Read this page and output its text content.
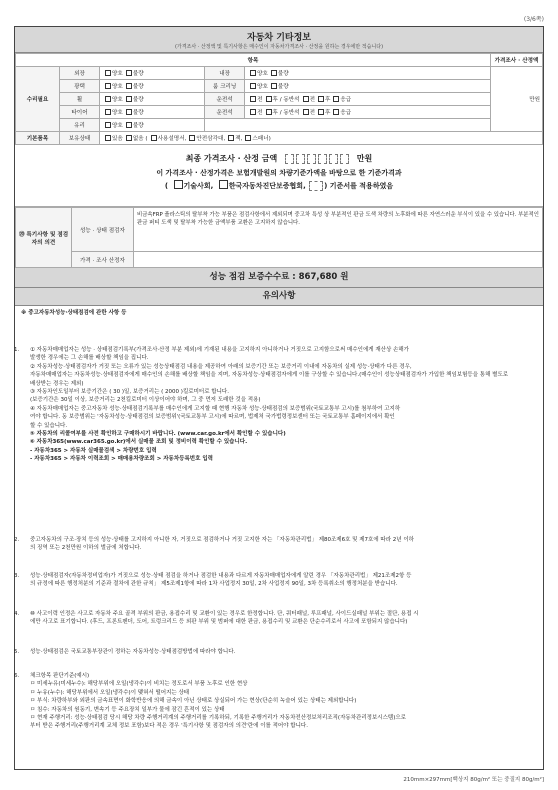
(3/6쪽)
자동차 기타정보
(가격조사 · 산정액 및 특기사항은 매수인이 자동차가격조사 · 산정을 원하는 경우에만 적습니다)
항목					가격조사 · 산정액
수리필요	외장	양호 불량	내장	양호 불량	만원
	광택	양호 불량	룸 크리닝	양호 불량	
	휠	양호 불량	운전석	전 후 / 동반석 전 후 응급	
	타이어	양호 불량	운전석	전 후 / 동반석 전 후 응급	
	유리	양호 불량			
기본품목	보유상태	있음 없음 ( 사용설명서, 안전삼각대, 잭, 스패너)			
최종 가격조사 · 산정 금액	만원
이 가격조사 · 산정가격은 보험개발원의 차량기준가액을 바탕으로 한 기준가격과
( 기술사회, 한국자동차진단보증협회,	) 기준서를 적용하였음
⑳ 특기사항 및 점검자의 의견	성능 · 상태 점검자	비금속FRP 플라스틱의 탈부착 가능 부품은 점검사항에서 제외되며 중고차 특성 상 부분적인 판금 도색 차량의 노후화에 따른 자연스러운 부식이 있을 수 있습니다. 부분적인 판금 퍼티 도색 및 탈부착 가능한 금액부품 교환은 고지하지 않습니다.
	가격 · 조사 산정자	
성능 점검 보증수수료 : 867,680 원
유의사항
※ 중고자동차성능·상태점검에 관한 사항 등
1. ① 자동차매매업자는 성능 · 상태점검기록부(가격조사·산정 부분 제외)에 기재된 내용을 고지하지 아니하거나 거짓으로 고지함으로써 매수인에게 재산상 손해가
발생한 경우에는 그 손해를 배상할 책임을 집니다.
② 자동차성능·상태점검자가 거짓 또는 오류가 있는 성능상태점검 내용을 제공하여 아래의 보증기간 또는 보증거리 이내에 자동차의 실제 성능·상태가 다른 경우,
자동차매매업자는 자동차성능·상태점검자에게 매수인의 손해를 배상할 책임을 지며, 자동차성능·상태점검자에게 이를 구상할 수 있습니다.(매수인이 성능상태점검자가 가입한 책임보험등을 통해 별도로 배상받는 경우는 제외)
③ 자동차인도일부터 보증기간은 ( 30 )일, 보증거리는 ( 2000 )킬로미터로 합니다.
(보증기간은 30일 이상, 보증거리는 2천킬로미터 이상이어야 하며, 그 중 먼저 도래한 것을 적용)
④ 자동차매매업자는 중고자동차 성능·상태점검기록부를 매수인에게 고지할 때 현행 자동차 성능·상태점검의 보증범위(국토교통부 고시)를 첨부하여 고지하
여야 합니다. 동 보증범위는 '자동차성능·상태점검의 보증범위'(국토교통부 고시)에 따르며, 법제처 국가법령정보센터 또는 국토교통부 홈페이지에서 확인
할 수 있습니다.
⑤ 자동차의 리콜여부를 사전 확인하고 구매하시기 바랍니다. (www.car.go.kr에서 확인할 수 있습니다)
⑥ 자동차365(www.car365.go.kr)에서 실매물 조회 및 정비이력 확인할 수 있습니다.
- 자동차365 > 자동차 실매물검색 > 차량번호 입력
- 자동차365 > 자동차 이력조회 > 매매용차량조회 > 자동차등록번호 입력
2. 중고자동차의 구조·장치 등의 성능·상태를 고지하지 아니한 자, 거짓으로 점검하거나 거짓 고지한 자는 「자동차관리법」 제80조제6호 및 제7호에 따라 2년 이하
의 징역 또는 2천만원 이하의 벌금에 처합니다.
3. 성능·상태점검자(자동차정비업자)가 거짓으로 성능·상태 점검을 하거나 점검한 내용과 다르게 자동차매매업자에게 알린 경우 「자동차관리법」 제21조제2항 등
의 규정에 따른 행정처분의 기준과 절차에 관한 규칙」 제5조제1항에 따라 1차 사업정지 30일, 2차 사업정지 90일, 3차 등록취소의 행정처분을 받습니다.
4. ⑩ 사고이력 인정은 사고로 자동차 주요 골격 부위의 판금, 용접수리 및 교환이 있는 경우로 한정합니다. 단, 쿼터패널, 루프패널, 사이드실패널 부위는 절단, 용접 시
에만 사고로 표기합니다. (후드, 프론트펜더, 도어, 트렁크리드 등 외판 부위 및 범퍼에 대한 판금, 용접수리 및 교환은 단순수리로서 사고에 포함되지 않습니다)
5. 성능·상태점검은 국토교통부장관이 정하는 자동차성능·상태점검방법에 따라야 합니다.
6. 체크항목 판단기준(예시)
ㅁ 미세누유(미세누수): 해당부위에 오일(냉각수)이 비치는 정도로서 부품 노후로 인한 현상
ㅁ 누유(누수): 해당부위에서 오일(냉각수)이 맺혀서 떨어지는 상태
ㅁ 부식: 차량하부와 외판의 금속표면이 화학반응에 의해 금속이 아닌 상태로 상실되어 가는 현상(단순히 녹슬어 있는 상태는 제외합니다)
ㅁ 침수: 자동차의 원동기, 변속기 등 주요장치 일부가 물에 잠긴 흔적이 있는 상태
ㅁ 현재 주행거리: 성능·상태점검 당시 해당 차량 주행거리계의 주행거리를 기록하되, 기록한 주행거리가 자동차전산정보처리조직(자동차관리정보시스템)으로
부터 받은 주행거리(주행거리계 교체 정보 포함)보다 적은 경우 '특기사항 및 점검자의 의견'란에 이를 적어야 합니다.
210mm×297mm[백상지 80g/m² 또는 중질지 80g/m²]
